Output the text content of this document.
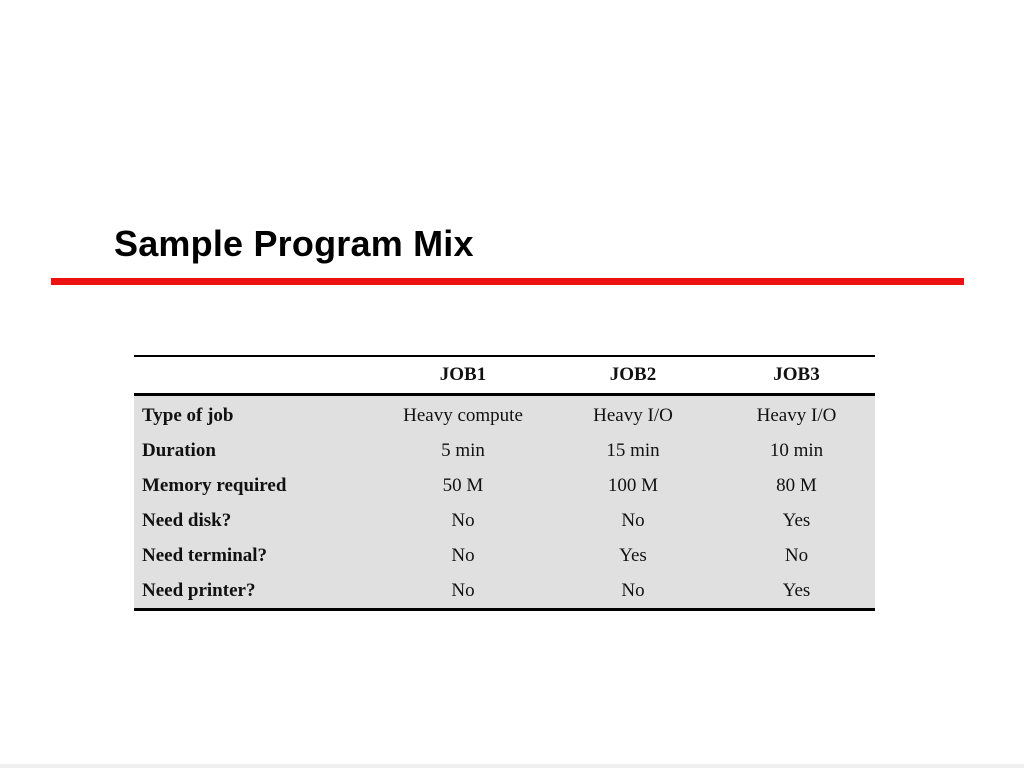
Sample Program Mix
	JOB1	JOB2	JOB3
Type of job	Heavy compute	Heavy I/O	Heavy I/O
Duration	5 min	15 min	10 min
Memory required	50 M	100 M	80 M
Need disk?	No	No	Yes
Need terminal?	No	Yes	No
Need printer?	No	No	Yes
